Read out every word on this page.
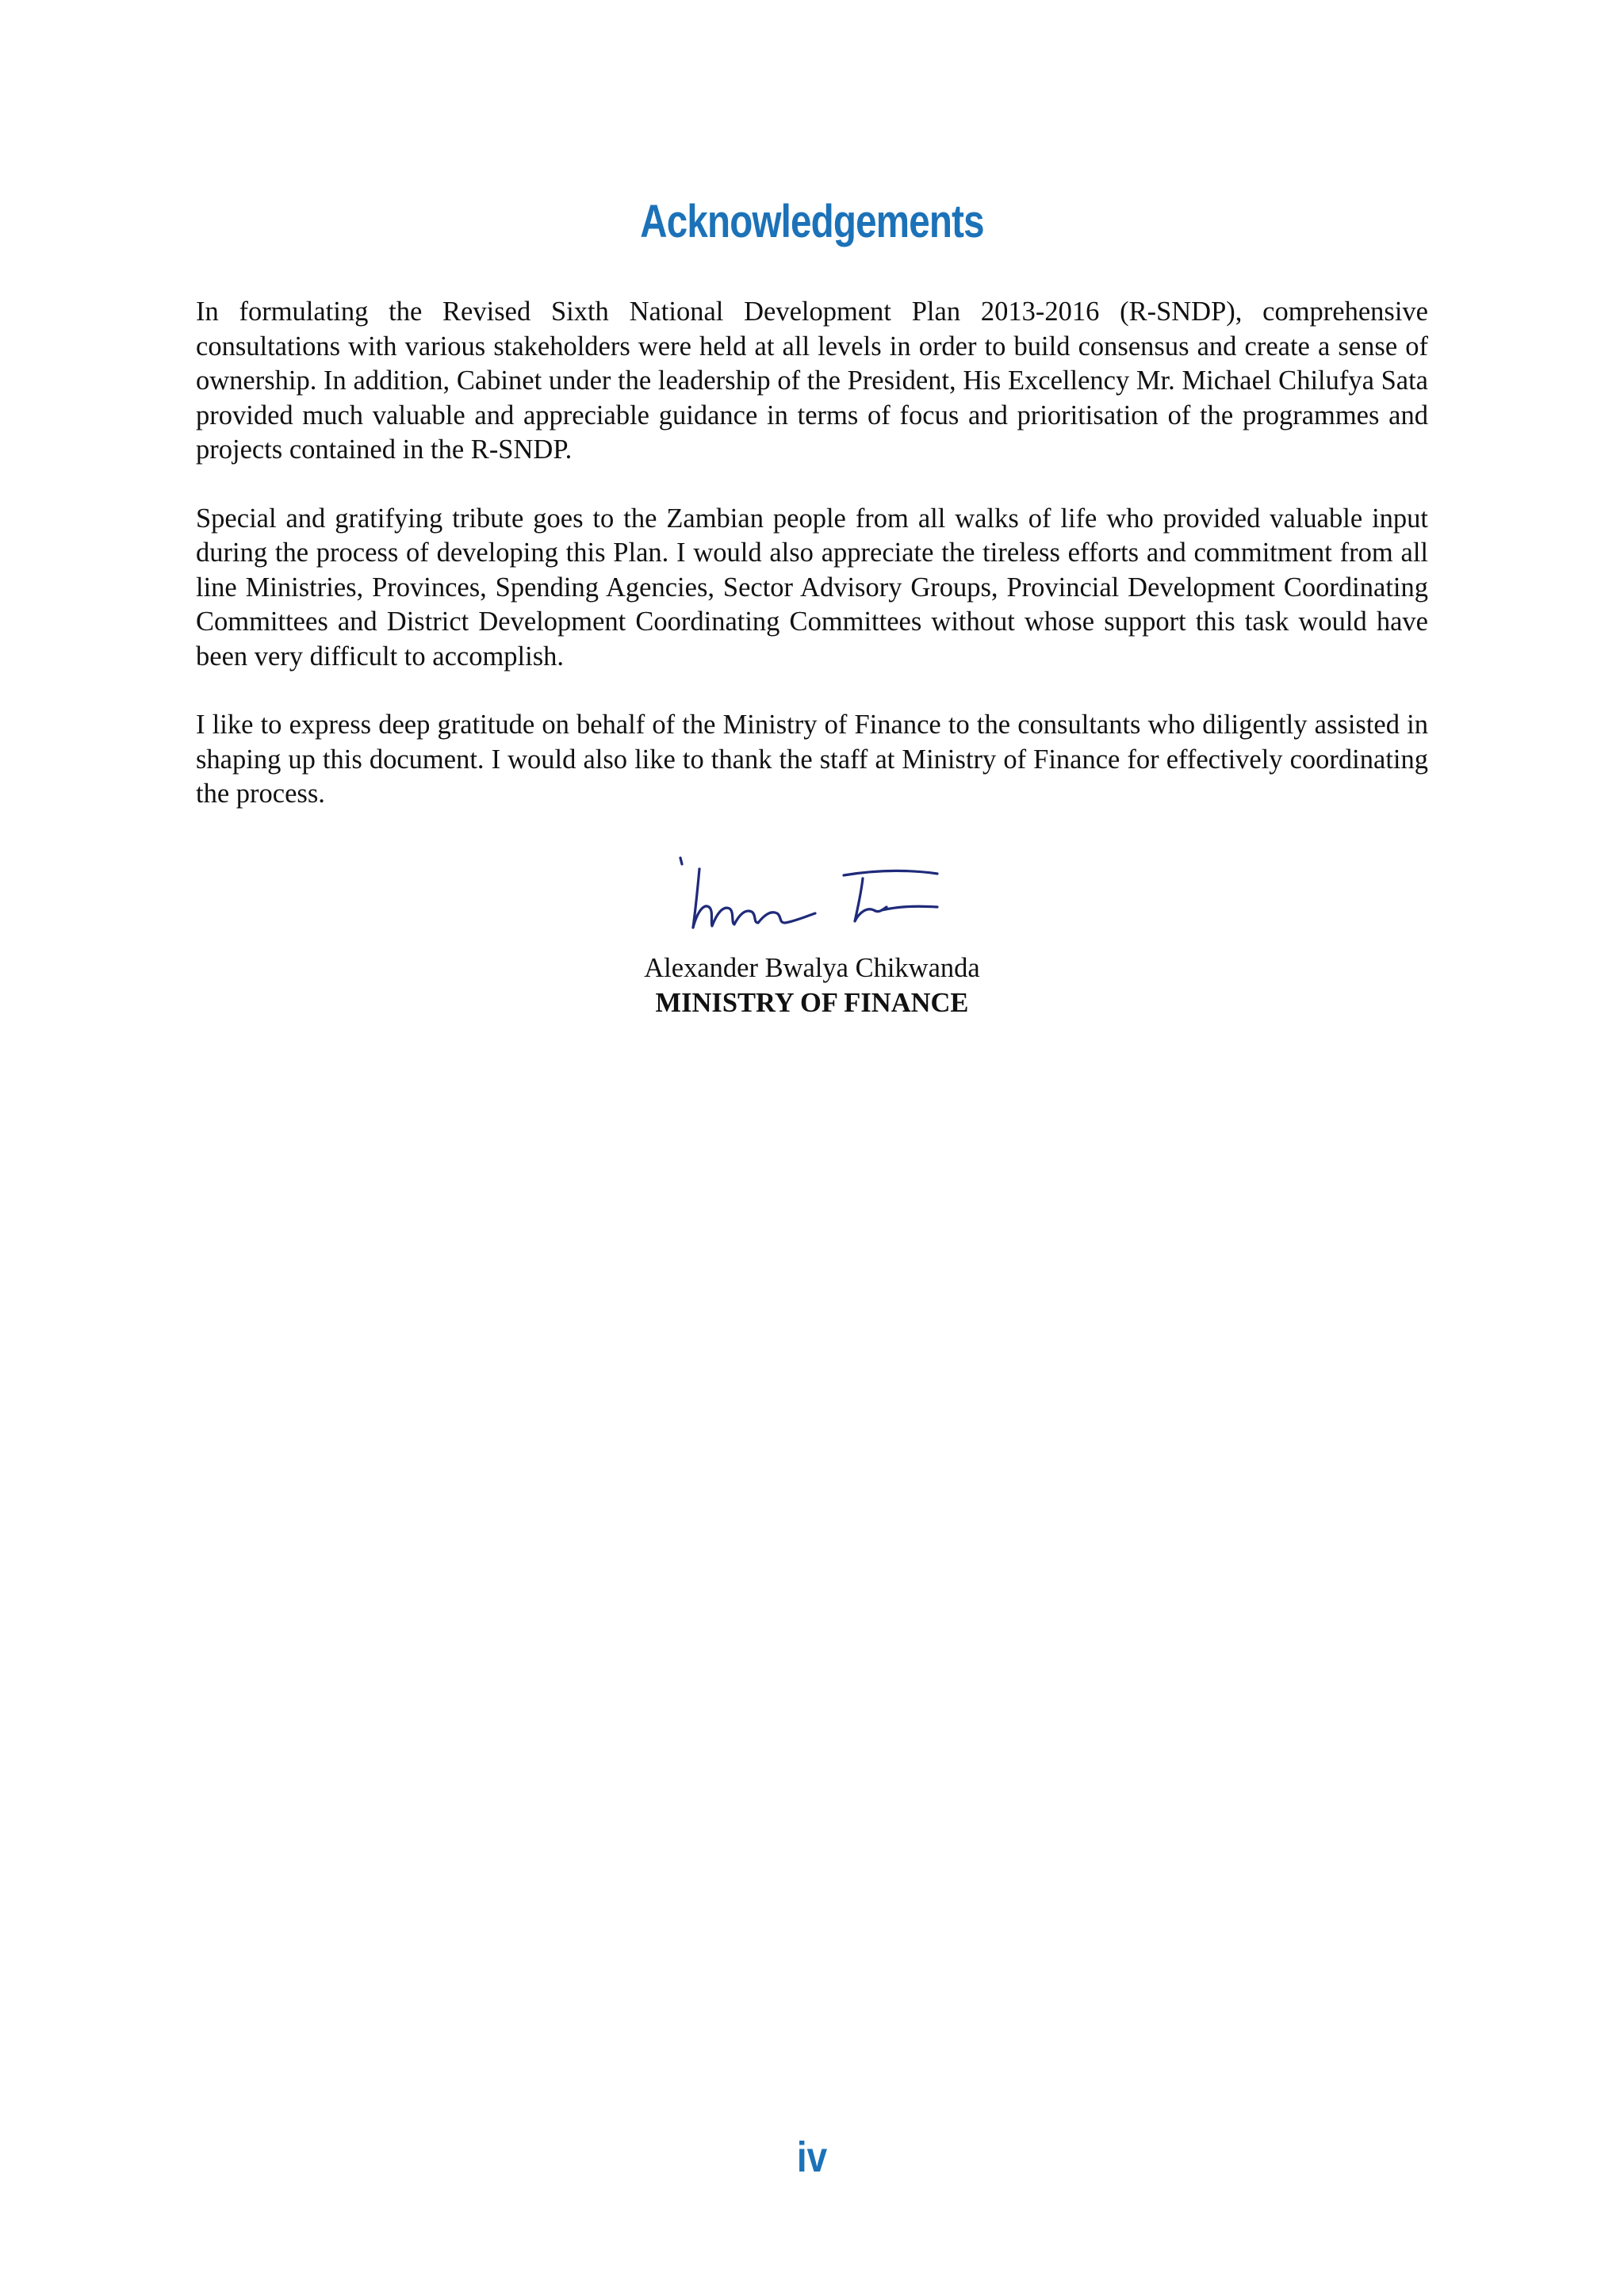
Acknowledgements

In formulating the Revised Sixth National Development Plan 2013-2016 (R-SNDP), comprehensive consultations with various stakeholders were held at all levels in order to build consensus and create a sense of ownership. In addition, Cabinet under the leadership of the President, His Excellency Mr. Michael Chilufya Sata provided much valuable and appreciable guidance in terms of focus and prioritisation of the programmes and projects contained in the R-SNDP.

Special and gratifying tribute goes to the Zambian people from all walks of life who provided valuable input during the process of developing this Plan. I would also appreciate the tireless efforts and commitment from all line Ministries, Provinces, Spending Agencies, Sector Advisory Groups, Provincial Development Coordinating Committees and District Development Coordinating Committees without whose support this task would have been very difficult to accomplish.

I like to express deep gratitude on behalf of the Ministry of Finance to the consultants who diligently assisted in shaping up this document. I would also like to thank the staff at Ministry of Finance for effectively coordinating the process.

Alexander Bwalya Chikwanda
MINISTRY OF FINANCE
iv
